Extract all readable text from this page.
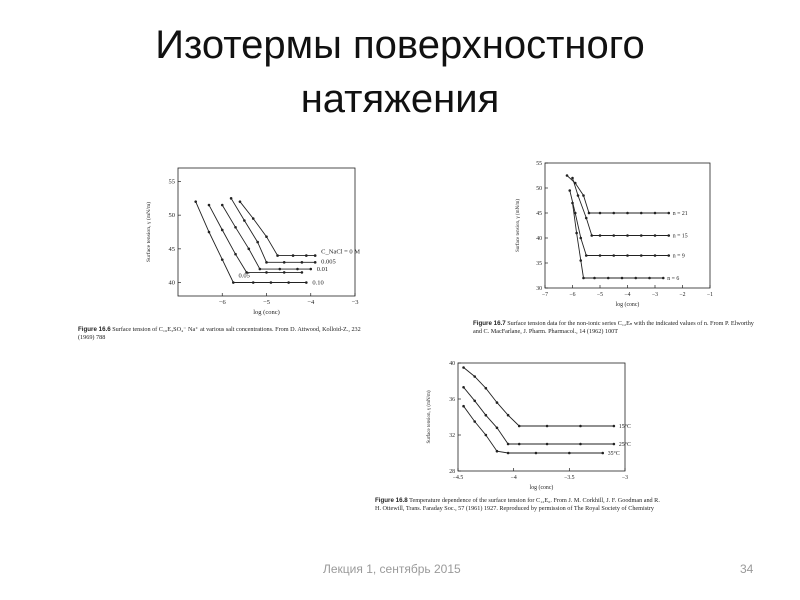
Изотермы поверхностного
натяжения
−6	−5	−4	−3
40
45
50
55
log (conc)
Surface tension, γ (mN/m)	C_NaCl = 0 M
0.005
0.01
0.05
0.10
Figure 16.6 Surface tension of C₁₆E₃SO₄⁻ Na⁺ at various salt concentrations. From D. Attwood, Kolloid-Z., 232 (1969) 788
−7	−6	−5	−4	−3	−2	−1
30
35
40
45
50
55
log (conc)
Surface tension, γ (mN/m)	n = 21
n = 15
n = 9
n = 6
Figure 16.7 Surface tension data for the non-ionic series C₁₂Eₙ with the indicated values of n. From P. Elworthy and C. MacFarlane, J. Pharm. Pharmacol., 14 (1962) 100T
−4.5	−4	−3.5	−3
28
32
36
40
log (conc)
Surface tension, γ (mN/m)	15°C
25°C
35°C
Figure 16.8 Temperature dependence of the surface tension for C₁₂E₆. From J. M. Corkhill, J. F. Goodman and R. H. Ottewill, Trans. Faraday Soc., 57 (1961) 1927. Reproduced by permission of The Royal Society of Chemistry
Лекция 1, сентябрь 2015	34
